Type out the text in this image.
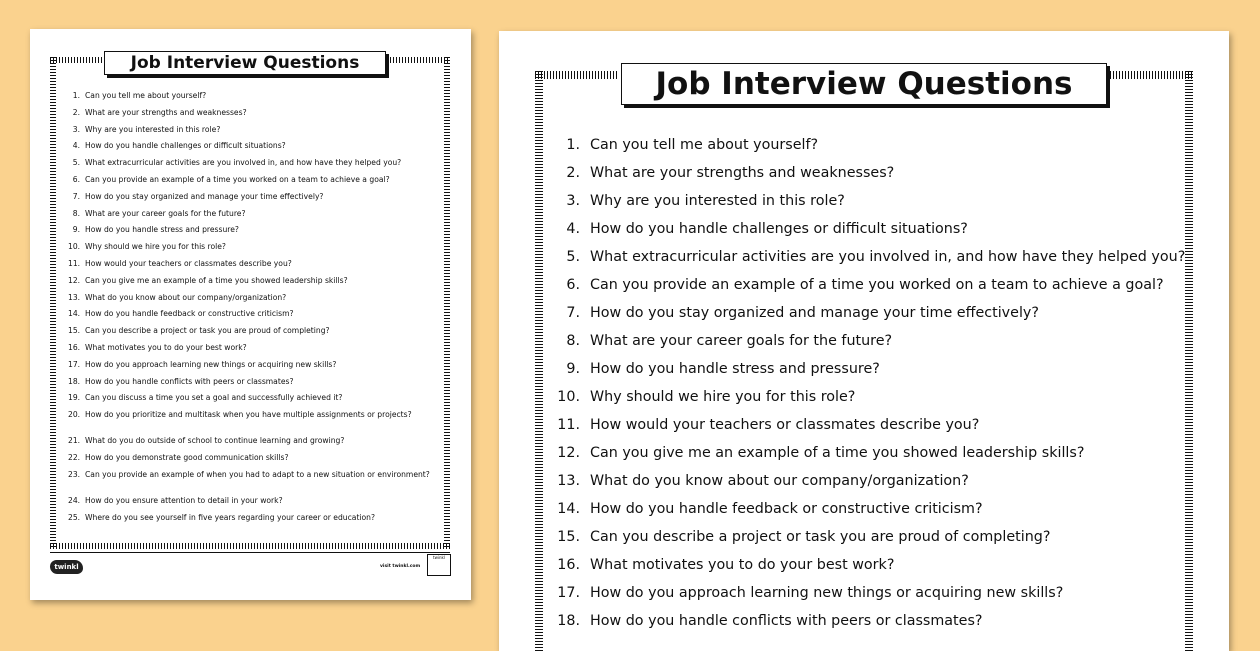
Job Interview Questions
1. Can you tell me about yourself?
2. What are your strengths and weaknesses?
3. Why are you interested in this role?
4. How do you handle challenges or difficult situations?
5. What extracurricular activities are you involved in, and how have they helped you?
6. Can you provide an example of a time you worked on a team to achieve a goal?
7. How do you stay organized and manage your time effectively?
8. What are your career goals for the future?
9. How do you handle stress and pressure?
10. Why should we hire you for this role?
11. How would your teachers or classmates describe you?
12. Can you give me an example of a time you showed leadership skills?
13. What do you know about our company/organization?
14. How do you handle feedback or constructive criticism?
15. Can you describe a project or task you are proud of completing?
16. What motivates you to do your best work?
17. How do you approach learning new things or acquiring new skills?
18. How do you handle conflicts with peers or classmates?
19. Can you discuss a time you set a goal and successfully achieved it?
20. How do you prioritize and multitask when you have multiple assignments or projects?
21. What do you do outside of school to continue learning and growing?
22. How do you demonstrate good communication skills?
23. Can you provide an example of when you had to adapt to a new situation or environment?
24. How do you ensure attention to detail in your work?
25. Where do you see yourself in five years regarding your career or education?
twinkl	visit twinkl.com
twinkl
Job Interview Questions
1. Can you tell me about yourself?
2. What are your strengths and weaknesses?
3. Why are you interested in this role?
4. How do you handle challenges or difficult situations?
5. What extracurricular activities are you involved in, and how have they helped you?
6. Can you provide an example of a time you worked on a team to achieve a goal?
7. How do you stay organized and manage your time effectively?
8. What are your career goals for the future?
9. How do you handle stress and pressure?
10. Why should we hire you for this role?
11. How would your teachers or classmates describe you?
12. Can you give me an example of a time you showed leadership skills?
13. What do you know about our company/organization?
14. How do you handle feedback or constructive criticism?
15. Can you describe a project or task you are proud of completing?
16. What motivates you to do your best work?
17. How do you approach learning new things or acquiring new skills?
18. How do you handle conflicts with peers or classmates?
